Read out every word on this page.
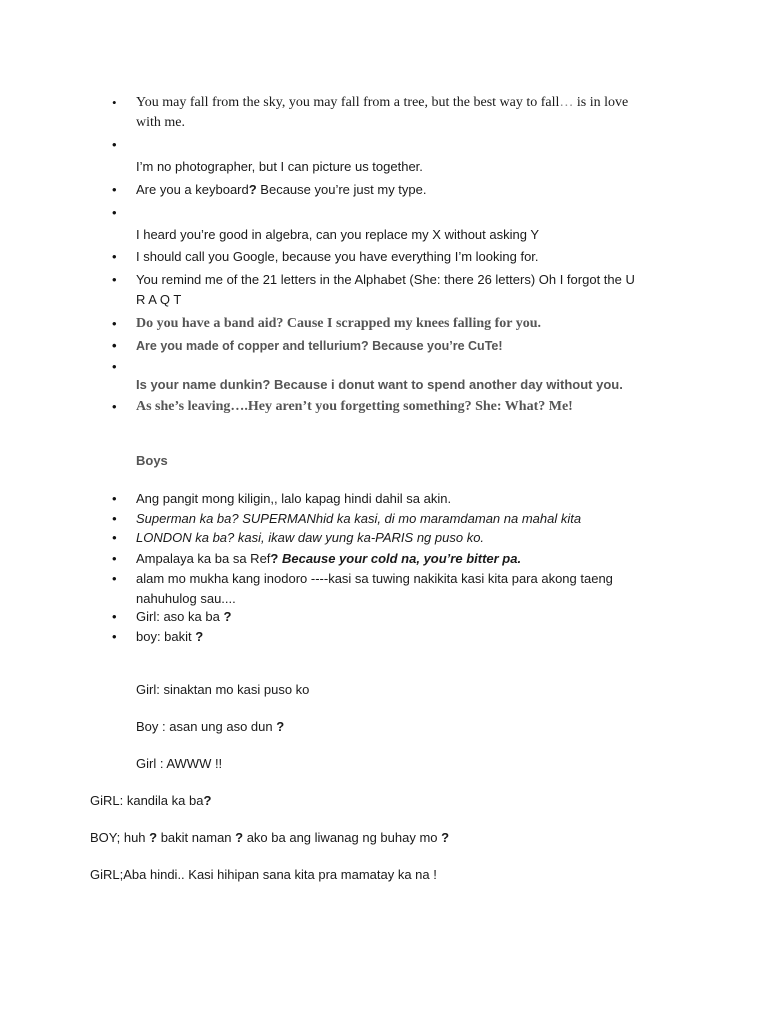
• You may fall from the sky, you may fall from a tree, but the best way to fall… is in love
with me.
I’m no photographer, but I can picture us together.
• Are you a keyboard? Because you’re just my type.
I heard you’re good in algebra, can you replace my X without asking Y
• I should call you Google, because you have everything I’m looking for.
• You remind me of the 21 letters in the Alphabet (She: there 26 letters) Oh I forgot the U
R A Q T
• Do you have a band aid? Cause I scrapped my knees falling for you.
• Are you made of copper and tellurium? Because you’re CuTe!
Is your name dunkin? Because i donut want to spend another day without you.
• As she’s leaving….Hey aren’t you forgetting something? She: What? Me!
Boys
• Ang pangit mong kiligin,, lalo kapag hindi dahil sa akin.
• Superman ka ba? SUPERMANhid ka kasi, di mo maramdaman na mahal kita
• LONDON ka ba? kasi, ikaw daw yung ka-PARIS ng puso ko.
• Ampalaya ka ba sa Ref? Because your cold na, you’re bitter pa.
• alam mo mukha kang inodoro ----kasi sa tuwing nakikita kasi kita para akong taeng
nahuhulog sau....
• Girl: aso ka ba ?
• boy: bakit ?
Girl: sinaktan mo kasi puso ko
Boy : asan ung aso dun ?
Girl : AWWW !!
GiRL: kandila ka ba?
BOY; huh ? bakit naman ? ako ba ang liwanag ng buhay mo ?
GiRL;Aba hindi.. Kasi hihipan sana kita pra mamatay ka na !
